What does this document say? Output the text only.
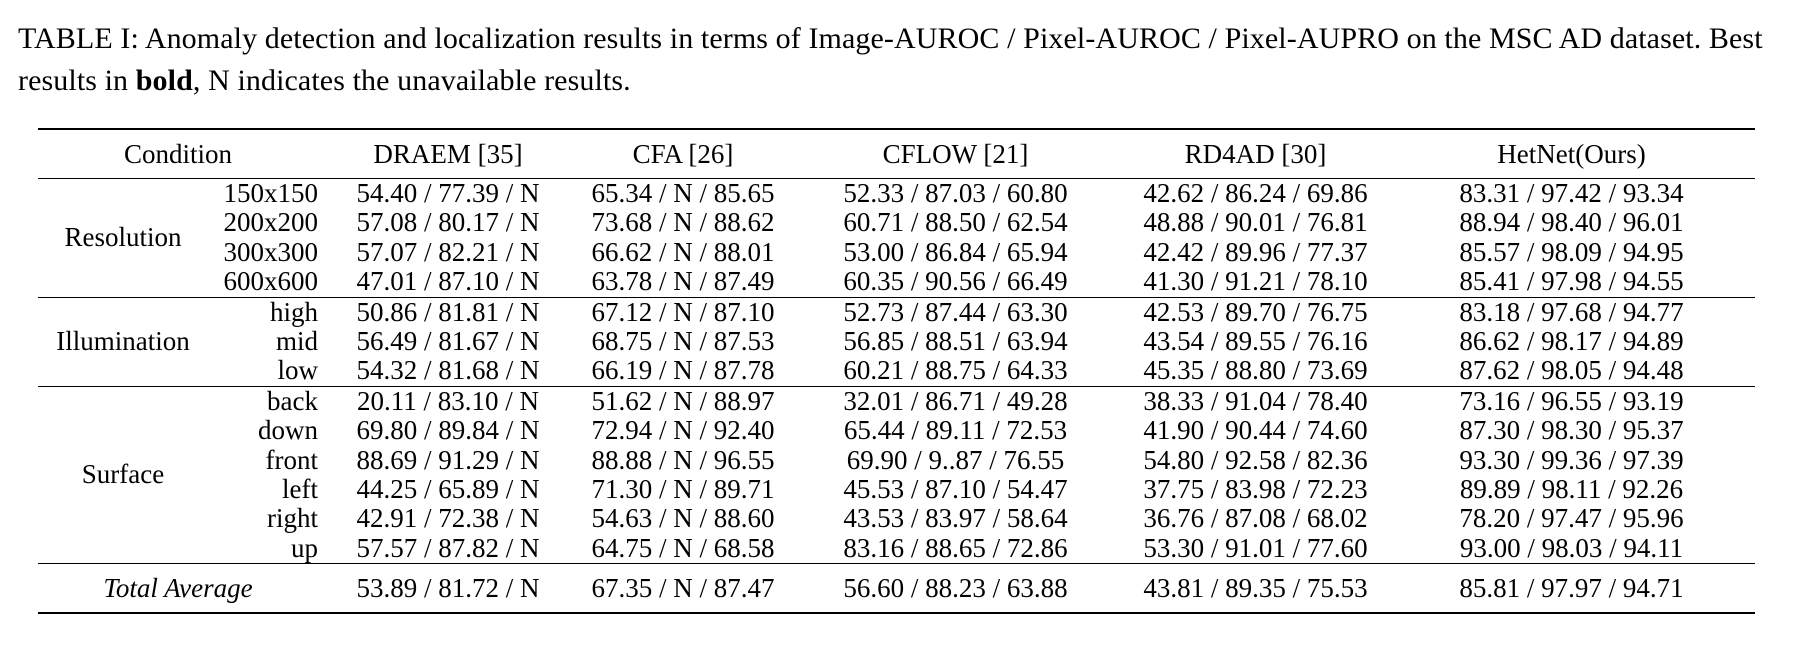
TABLE I: Anomaly detection and localization results in terms of Image-AUROC / Pixel-AUROC / Pixel-AUPRO on the MSC AD dataset. Best results in bold, N indicates the unavailable results.
Condition		DRAEM [35]	CFA [26]	CFLOW [21]	RD4AD [30]	HetNet(Ours)
Resolution	150x150	54.40 / 77.39 / N	65.34 / N / 85.65	52.33 / 87.03 / 60.80	42.62 / 86.24 / 69.86	83.31 / 97.42 / 93.34
	200x200	57.08 / 80.17 / N	73.68 / N / 88.62	60.71 / 88.50 / 62.54	48.88 / 90.01 / 76.81	88.94 / 98.40 / 96.01
	300x300	57.07 / 82.21 / N	66.62 / N / 88.01	53.00 / 86.84 / 65.94	42.42 / 89.96 / 77.37	85.57 / 98.09 / 94.95
	600x600	47.01 / 87.10 / N	63.78 / N / 87.49	60.35 / 90.56 / 66.49	41.30 / 91.21 / 78.10	85.41 / 97.98 / 94.55
Illumination	high	50.86 / 81.81 / N	67.12 / N / 87.10	52.73 / 87.44 / 63.30	42.53 / 89.70 / 76.75	83.18 / 97.68 / 94.77
	mid	56.49 / 81.67 / N	68.75 / N / 87.53	56.85 / 88.51 / 63.94	43.54 / 89.55 / 76.16	86.62 / 98.17 / 94.89
	low	54.32 / 81.68 / N	66.19 / N / 87.78	60.21 / 88.75 / 64.33	45.35 / 88.80 / 73.69	87.62 / 98.05 / 94.48
Surface	back	20.11 / 83.10 / N	51.62 / N / 88.97	32.01 / 86.71 / 49.28	38.33 / 91.04 / 78.40	73.16 / 96.55 / 93.19
	down	69.80 / 89.84 / N	72.94 / N / 92.40	65.44 / 89.11 / 72.53	41.90 / 90.44 / 74.60	87.30 / 98.30 / 95.37
	front	88.69 / 91.29 / N	88.88 / N / 96.55	69.90 / 9..87 / 76.55	54.80 / 92.58 / 82.36	93.30 / 99.36 / 97.39
	left	44.25 / 65.89 / N	71.30 / N / 89.71	45.53 / 87.10 / 54.47	37.75 / 83.98 / 72.23	89.89 / 98.11 / 92.26
	right	42.91 / 72.38 / N	54.63 / N / 88.60	43.53 / 83.97 / 58.64	36.76 / 87.08 / 68.02	78.20 / 97.47 / 95.96
	up	57.57 / 87.82 / N	64.75 / N / 68.58	83.16 / 88.65 / 72.86	53.30 / 91.01 / 77.60	93.00 / 98.03 / 94.11
Total Average		53.89 / 81.72 / N	67.35 / N / 87.47	56.60 / 88.23 / 63.88	43.81 / 89.35 / 75.53	85.81 / 97.97 / 94.71
